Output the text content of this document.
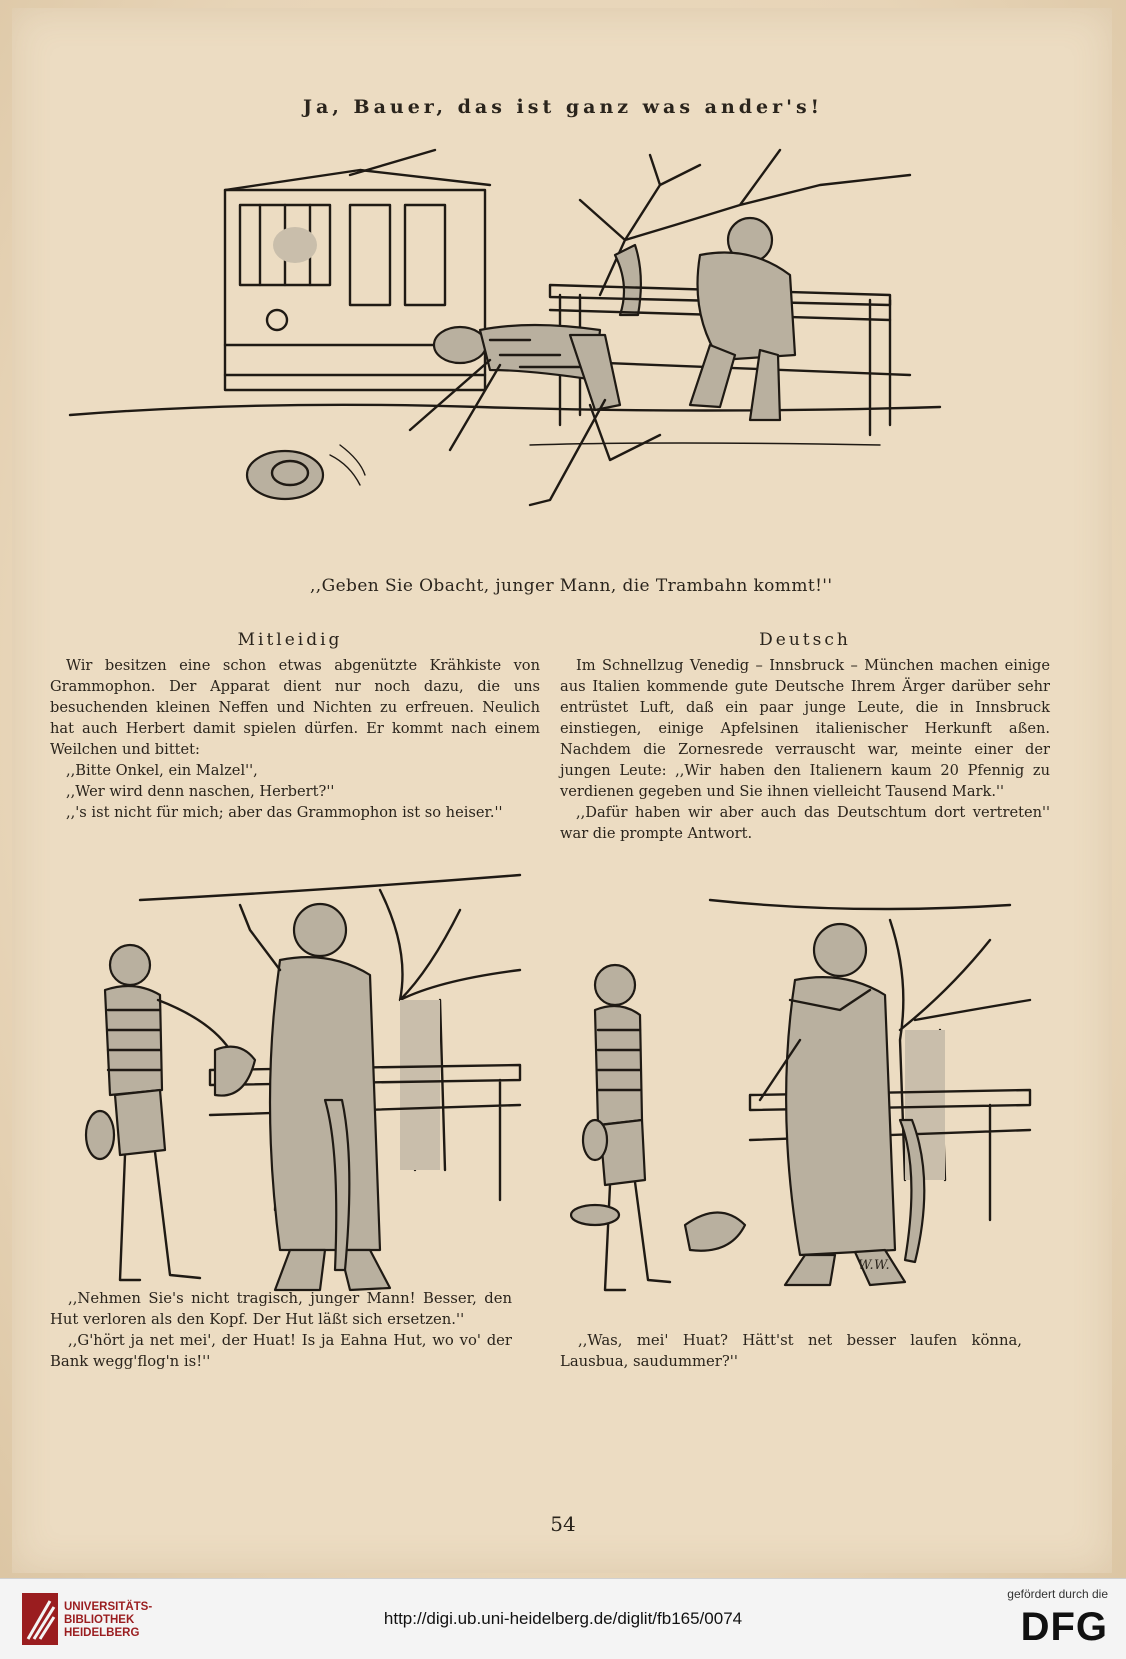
Ja, Bauer, das ist ganz was ander's!
,,Geben Sie Obacht, junger Mann, die Trambahn kommt!''
Mitleidig

Wir besitzen eine schon etwas abgenützte Krähkiste von Grammophon. Der Apparat dient nur noch dazu, die uns besuchenden kleinen Neffen und Nichten zu erfreuen. Neulich hat auch Herbert damit spielen dürfen. Er kommt nach einem Weilchen und bittet:

,,Bitte Onkel, ein Malzel'',

,,Wer wird denn naschen, Herbert?''

,,'s ist nicht für mich; aber das Grammophon ist so heiser.''

Deutsch

Im Schnellzug Venedig – Innsbruck – München machen einige aus Italien kommende gute Deutsche Ihrem Ärger darüber sehr entrüstet Luft, daß ein paar junge Leute, die in Innsbruck einstiegen, einige Apfelsinen italienischer Herkunft aßen. Nachdem die Zornesrede verrauscht war, meinte einer der jungen Leute: ,,Wir haben den Italienern kaum 20 Pfennig zu verdienen gegeben und Sie ihnen vielleicht Tausend Mark.''

,,Dafür haben wir aber auch das Deutschtum dort vertreten'' war die prompte Antwort.

W.W.

,,Nehmen Sie's nicht tragisch, junger Mann! Besser, den Hut verloren als den Kopf. Der Hut läßt sich ersetzen.''

,,G'hört ja net mei', der Huat! Is ja Eahna Hut, wo vo' der Bank wegg'flog'n is!''

,,Was, mei' Huat? Hätt'st net besser laufen könna, Lausbua, saudummer?''

54
UNIVERSITÄTS-
BIBLIOTHEK
HEIDELBERG
http://digi.ub.uni-heidelberg.de/diglit/fb165/0074
gefördert durch die
DFG
